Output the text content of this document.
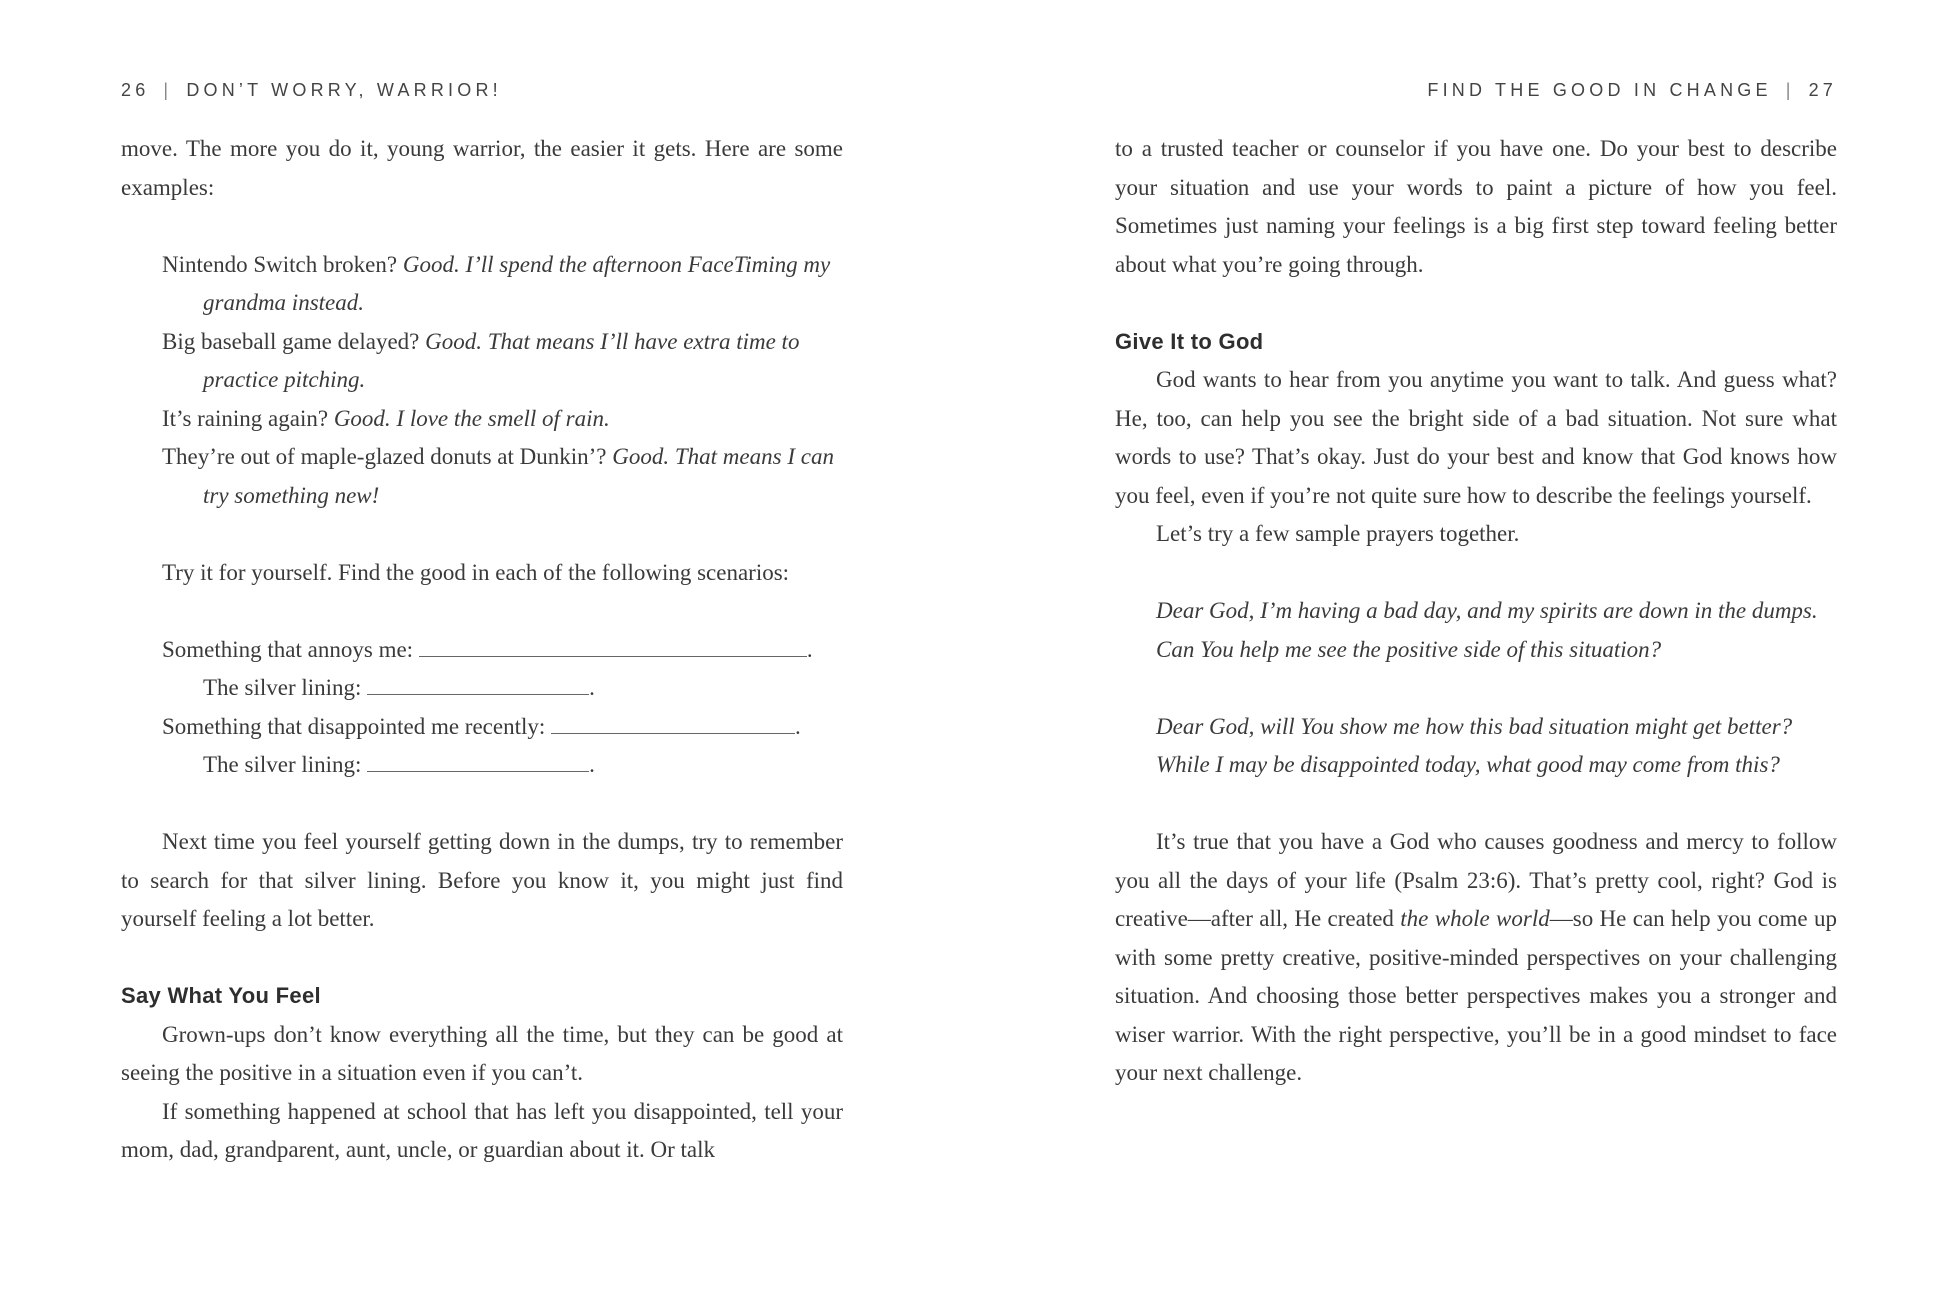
26 | DON’T WORRY, WARRIOR!

move. The more you do it, young warrior, the easier it gets. Here are some examples:

Nintendo Switch broken? Good. I’ll spend the afternoon FaceTiming my grandma instead.

Big baseball game delayed? Good. That means I’ll have extra time to practice pitching.

It’s raining again? Good. I love the smell of rain.

They’re out of maple-glazed donuts at Dunkin’? Good. That means I can try something new!

Try it for yourself. Find the good in each of the following scenarios:

Something that annoys me:	.

The silver lining:	.

Something that disappointed me recently:	.

The silver lining:	.

Next time you feel yourself getting down in the dumps, try to remember to search for that silver lining. Before you know it, you might just find yourself feeling a lot better.

Say What You Feel

Grown-ups don’t know everything all the time, but they can be good at seeing the positive in a situation even if you can’t.

If something happened at school that has left you disappointed, tell your mom, dad, grandparent, aunt, uncle, or guardian about it. Or talk

FIND THE GOOD IN CHANGE | 27

to a trusted teacher or counselor if you have one. Do your best to describe your situation and use your words to paint a picture of how you feel. Sometimes just naming your feelings is a big first step toward feeling better about what you’re going through.

Give It to God

God wants to hear from you anytime you want to talk. And guess what? He, too, can help you see the bright side of a bad situation. Not sure what words to use? That’s okay. Just do your best and know that God knows how you feel, even if you’re not quite sure how to describe the feelings yourself.

Let’s try a few sample prayers together.

Dear God, I’m having a bad day, and my spirits are down in the dumps. Can You help me see the positive side of this situation?

Dear God, will You show me how this bad situation might get better? While I may be disappointed today, what good may come from this?

It’s true that you have a God who causes goodness and mercy to follow you all the days of your life (Psalm 23:6). That’s pretty cool, right? God is creative—after all, He created the whole world—so He can help you come up with some pretty creative, positive-minded perspectives on your challenging situation. And choosing those better perspectives makes you a stronger and wiser warrior. With the right perspective, you’ll be in a good mindset to face your next challenge.
